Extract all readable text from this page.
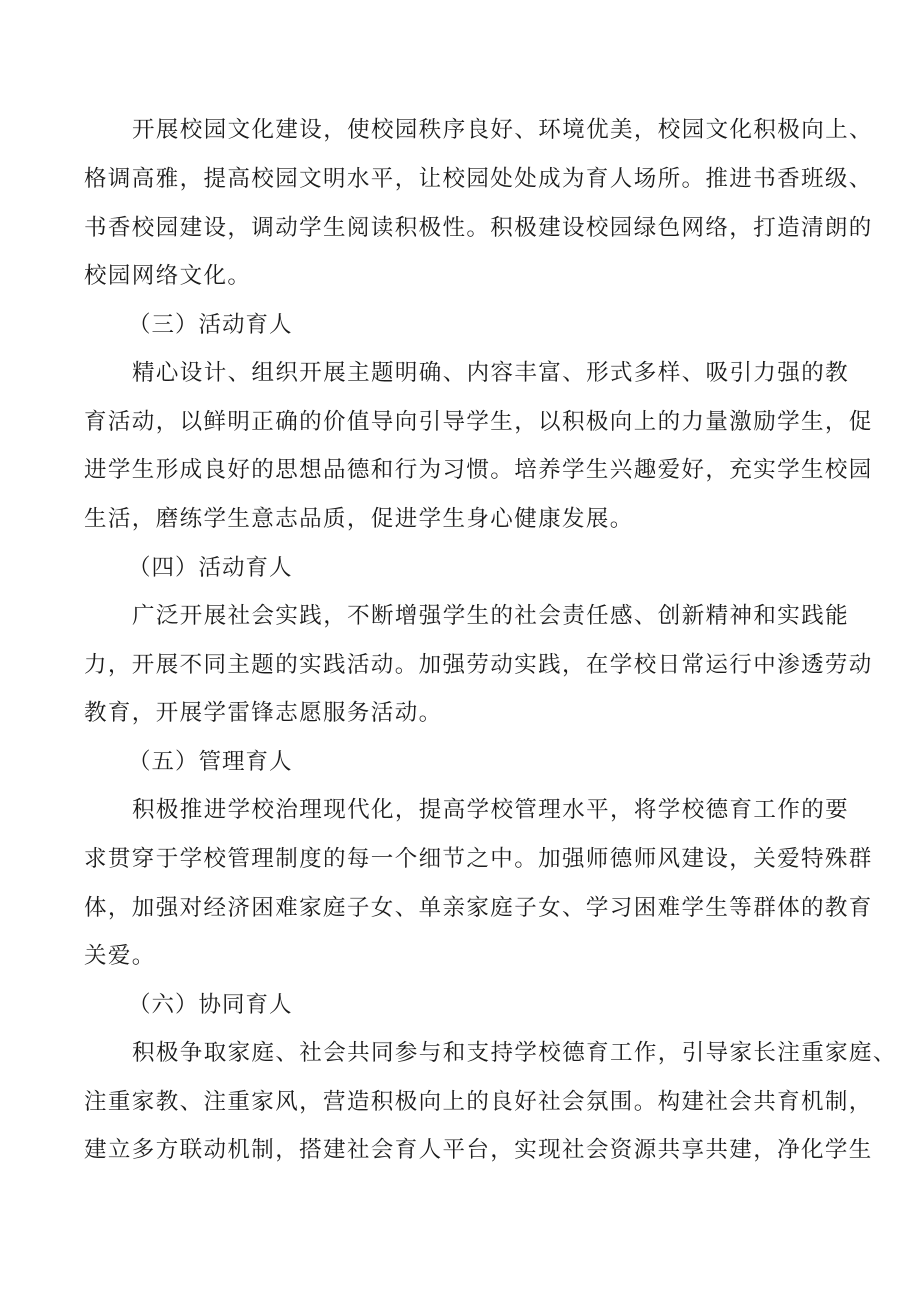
开展校园文化建设，使校园秩序良好、环境优美，校园文化积极向上、
格调高雅，提高校园文明水平，让校园处处成为育人场所。推进书香班级、
书香校园建设，调动学生阅读积极性。积极建设校园绿色网络，打造清朗的
校园网络文化。
（三）活动育人
精心设计、组织开展主题明确、内容丰富、形式多样、吸引力强的教
育活动，以鲜明正确的价值导向引导学生，以积极向上的力量激励学生，促
进学生形成良好的思想品德和行为习惯。培养学生兴趣爱好，充实学生校园
生活，磨练学生意志品质，促进学生身心健康发展。
（四）活动育人
广泛开展社会实践，不断增强学生的社会责任感、创新精神和实践能
力，开展不同主题的实践活动。加强劳动实践，在学校日常运行中渗透劳动
教育，开展学雷锋志愿服务活动。
（五）管理育人
积极推进学校治理现代化，提高学校管理水平，将学校德育工作的要
求贯穿于学校管理制度的每一个细节之中。加强师德师风建设，关爱特殊群
体，加强对经济困难家庭子女、单亲家庭子女、学习困难学生等群体的教育
关爱。
（六）协同育人
积极争取家庭、社会共同参与和支持学校德育工作，引导家长注重家庭、
注重家教、注重家风，营造积极向上的良好社会氛围。构建社会共育机制，
建立多方联动机制，搭建社会育人平台，实现社会资源共享共建，净化学生
